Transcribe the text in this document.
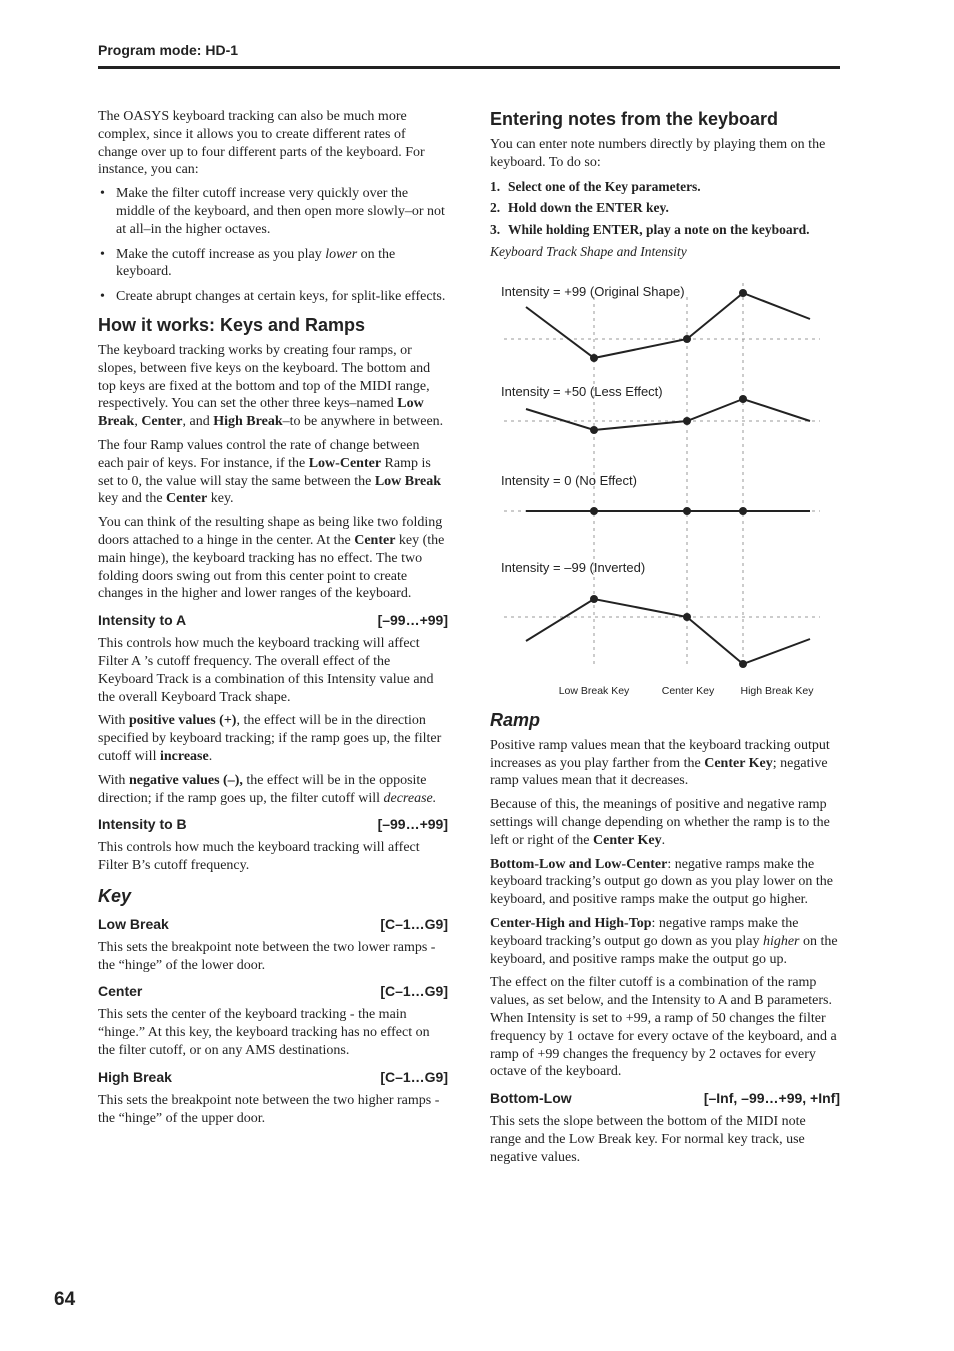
Program mode: HD-1

The OASYS keyboard tracking can also be much more complex, since it allows you to create different rates of change over up to four different parts of the keyboard. For instance, you can:

• Make the filter cutoff increase very quickly over the middle of the keyboard, and then open more slowly–or not at all–in the higher octaves.
• Make the cutoff increase as you play lower on the keyboard.
• Create abrupt changes at certain keys, for split-like effects.
How it works: Keys and Ramps

The keyboard tracking works by creating four ramps, or slopes, between five keys on the keyboard. The bottom and top keys are fixed at the bottom and top of the MIDI range, respectively. You can set the other three keys–named Low Break, Center, and High Break–to be anywhere in between.

The four Ramp values control the rate of change between each pair of keys. For instance, if the Low-Center Ramp is set to 0, the value will stay the same between the Low Break key and the Center key.

You can think of the resulting shape as being like two folding doors attached to a hinge in the center. At the Center key (the main hinge), the keyboard tracking has no effect. The two folding doors swing out from this center point to create changes in the higher and lower ranges of the keyboard.

Intensity to A	[–99…+99]

This controls how much the keyboard tracking will affect Filter A ’s cutoff frequency. The overall effect of the Keyboard Track is a combination of this Intensity value and the overall Keyboard Track shape.

With positive values (+), the effect will be in the direction specified by keyboard tracking; if the ramp goes up, the filter cutoff will increase.

With negative values (–), the effect will be in the opposite direction; if the ramp goes up, the filter cutoff will decrease.

Intensity to B	[–99…+99]

This controls how much the keyboard tracking will affect Filter B’s cutoff frequency.

Key
Low Break	[C–1…G9]

This sets the breakpoint note between the two lower ramps - the “hinge” of the lower door.

Center	[C–1…G9]

This sets the center of the keyboard tracking - the main “hinge.” At this key, the keyboard tracking has no effect on the filter cutoff, or on any AMS destinations.

High Break	[C–1…G9]

This sets the breakpoint note between the two higher ramps - the “hinge” of the upper door.

Entering notes from the keyboard

You can enter note numbers directly by playing them on the keyboard. To do so:

1. Select one of the Key parameters.
2. Hold down the ENTER key.
3. While holding ENTER, play a note on the keyboard.
Keyboard Track Shape and Intensity
Intensity = +99 (Original Shape)
Intensity = +50 (Less Effect)
Intensity = 0 (No Effect)
Intensity = –99 (Inverted)
Low Break Key	Center Key	High Break Key
Ramp

Positive ramp values mean that the keyboard tracking output increases as you play farther from the Center Key; negative ramp values mean that it decreases.

Because of this, the meanings of positive and negative ramp settings will change depending on whether the ramp is to the left or right of the Center Key.

Bottom-Low and Low-Center: negative ramps make the keyboard tracking’s output go down as you play lower on the keyboard, and positive ramps make the output go higher.

Center-High and High-Top: negative ramps make the keyboard tracking’s output go down as you play higher on the keyboard, and positive ramps make the output go up.

The effect on the filter cutoff is a combination of the ramp values, as set below, and the Intensity to A and B parameters. When Intensity is set to +99, a ramp of 50 changes the filter frequency by 1 octave for every octave of the keyboard, and a ramp of +99 changes the frequency by 2 octaves for every octave of the keyboard.

Bottom-Low	[–Inf, –99…+99, +Inf]

This sets the slope between the bottom of the MIDI note range and the Low Break key. For normal key track, use negative values.

64
